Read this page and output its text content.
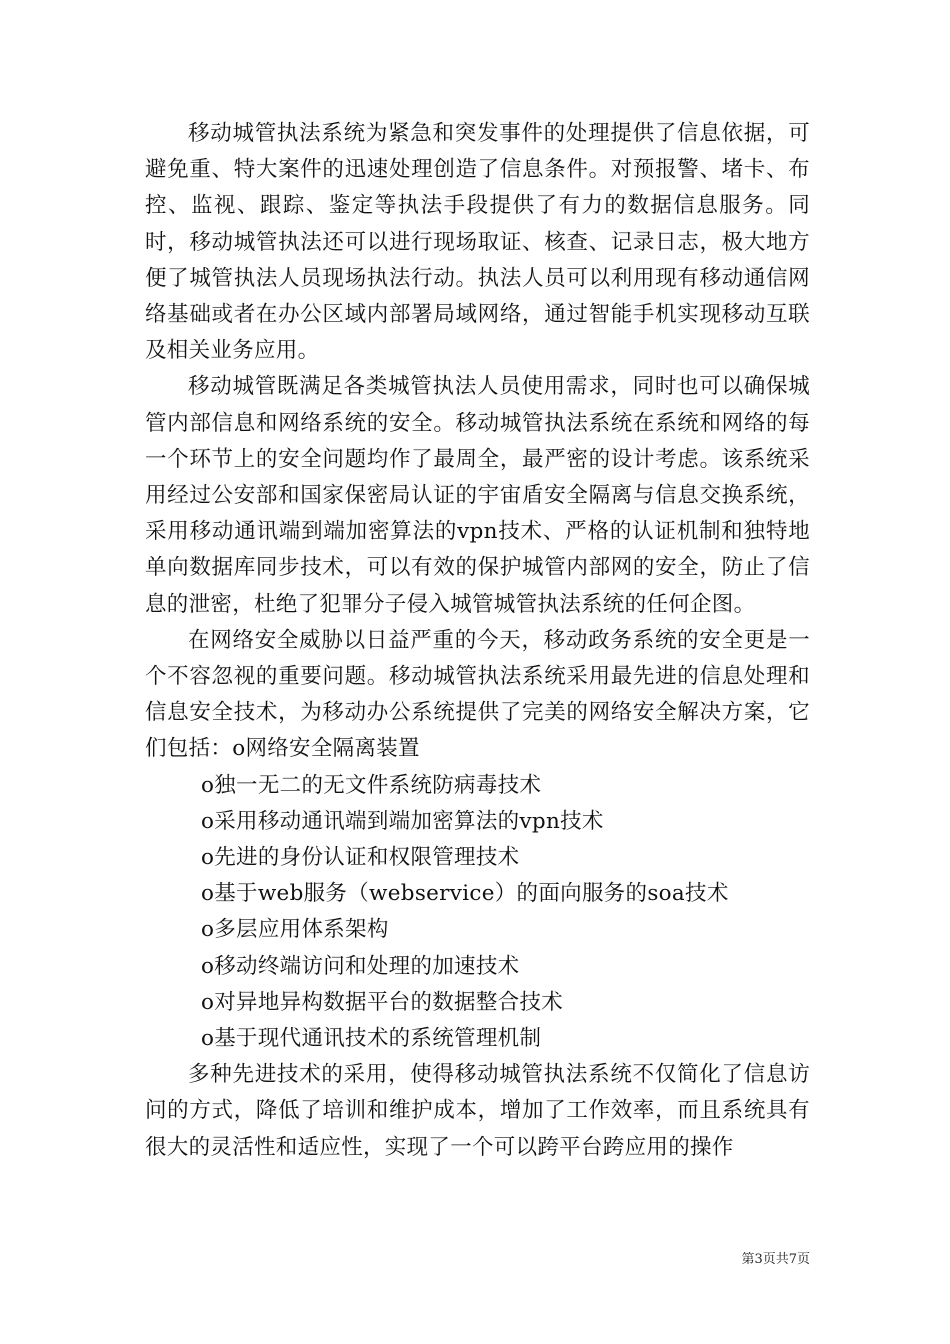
移动城管执法系统为紧急和突发事件的处理提供了信息依据，可避免重、特大案件的迅速处理创造了信息条件。对预报警、堵卡、布控、监视、跟踪、鉴定等执法手段提供了有力的数据信息服务。同时，移动城管执法还可以进行现场取证、核查、记录日志，极大地方便了城管执法人员现场执法行动。执法人员可以利用现有移动通信网络基础或者在办公区域内部署局域网络，通过智能手机实现移动互联及相关业务应用。

移动城管既满足各类城管执法人员使用需求，同时也可以确保城管内部信息和网络系统的安全。移动城管执法系统在系统和网络的每一个环节上的安全问题均作了最周全，最严密的设计考虑。该系统采用经过公安部和国家保密局认证的宇宙盾安全隔离与信息交换系统，采用移动通讯端到端加密算法的vpn技术、严格的认证机制和独特地单向数据库同步技术，可以有效的保护城管内部网的安全，防止了信息的泄密，杜绝了犯罪分子侵入城管城管执法系统的任何企图。

在网络安全威胁以日益严重的今天，移动政务系统的安全更是一个不容忽视的重要问题。移动城管执法系统采用最先进的信息处理和信息安全技术，为移动办公系统提供了完美的网络安全解决方案，它们包括：o网络安全隔离装置

o独一无二的无文件系统防病毒技术

o采用移动通讯端到端加密算法的vpn技术

o先进的身份认证和权限管理技术

o基于web服务（webservice）的面向服务的soa技术

o多层应用体系架构

o移动终端访问和处理的加速技术

o对异地异构数据平台的数据整合技术

o基于现代通讯技术的系统管理机制

多种先进技术的采用，使得移动城管执法系统不仅简化了信息访问的方式，降低了培训和维护成本，增加了工作效率，而且系统具有很大的灵活性和适应性，实现了一个可以跨平台跨应用的操作

第3页共7页
